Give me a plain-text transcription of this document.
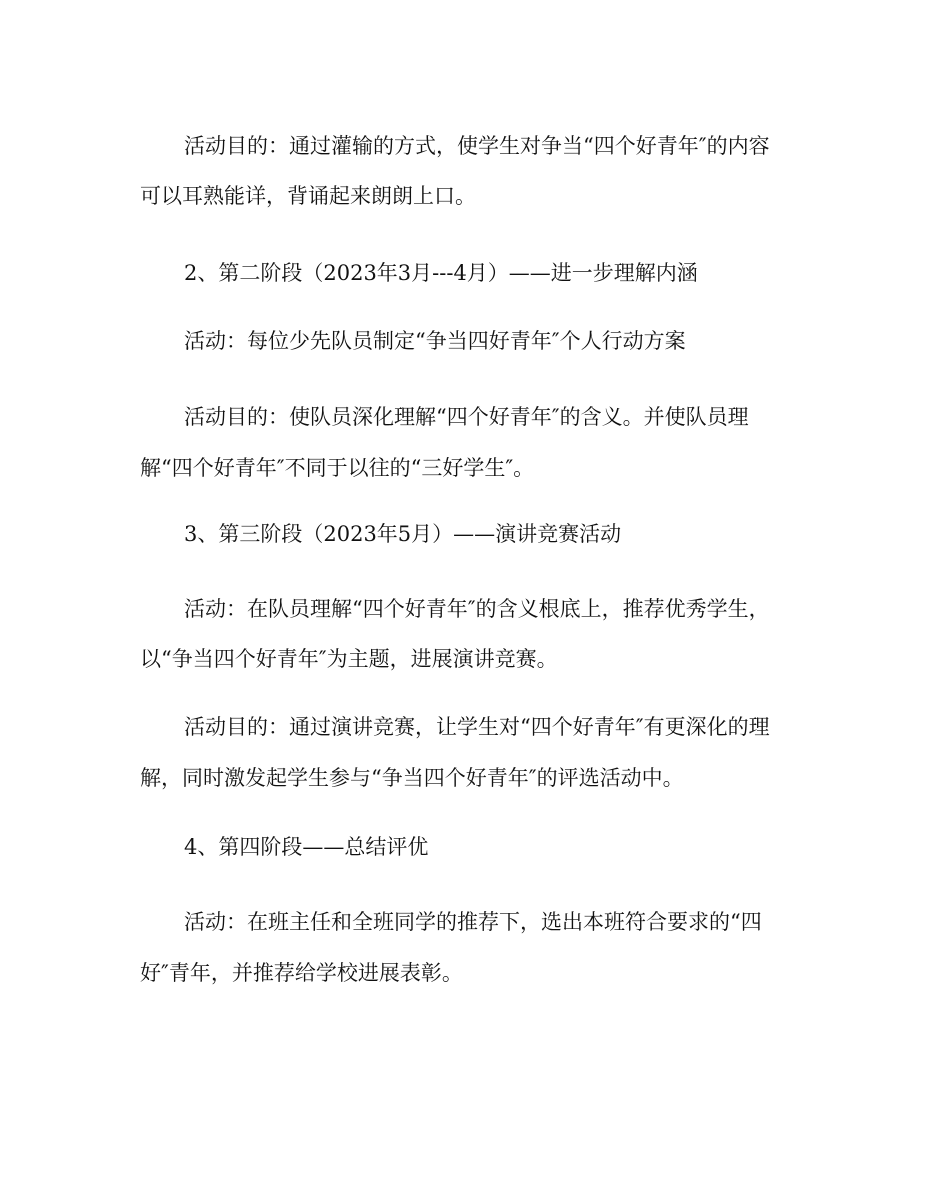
活动目的：通过灌输的方式，使学生对争当“四个好青年″的内容
可以耳熟能详，背诵起来朗朗上口。
2、第二阶段（2023年3月---4月）——进一步理解内涵
活动：每位少先队员制定“争当四好青年″个人行动方案
活动目的：使队员深化理解“四个好青年″的含义。并使队员理
解“四个好青年″不同于以往的“三好学生″。
3、第三阶段（2023年5月）——演讲竞赛活动
活动：在队员理解“四个好青年″的含义根底上，推荐优秀学生，
以“争当四个好青年″为主题，进展演讲竞赛。
活动目的：通过演讲竞赛，让学生对“四个好青年″有更深化的理
解，同时激发起学生参与“争当四个好青年″的评选活动中。
4、第四阶段——总结评优
活动：在班主任和全班同学的推荐下，选出本班符合要求的“四
好″青年，并推荐给学校进展表彰。
